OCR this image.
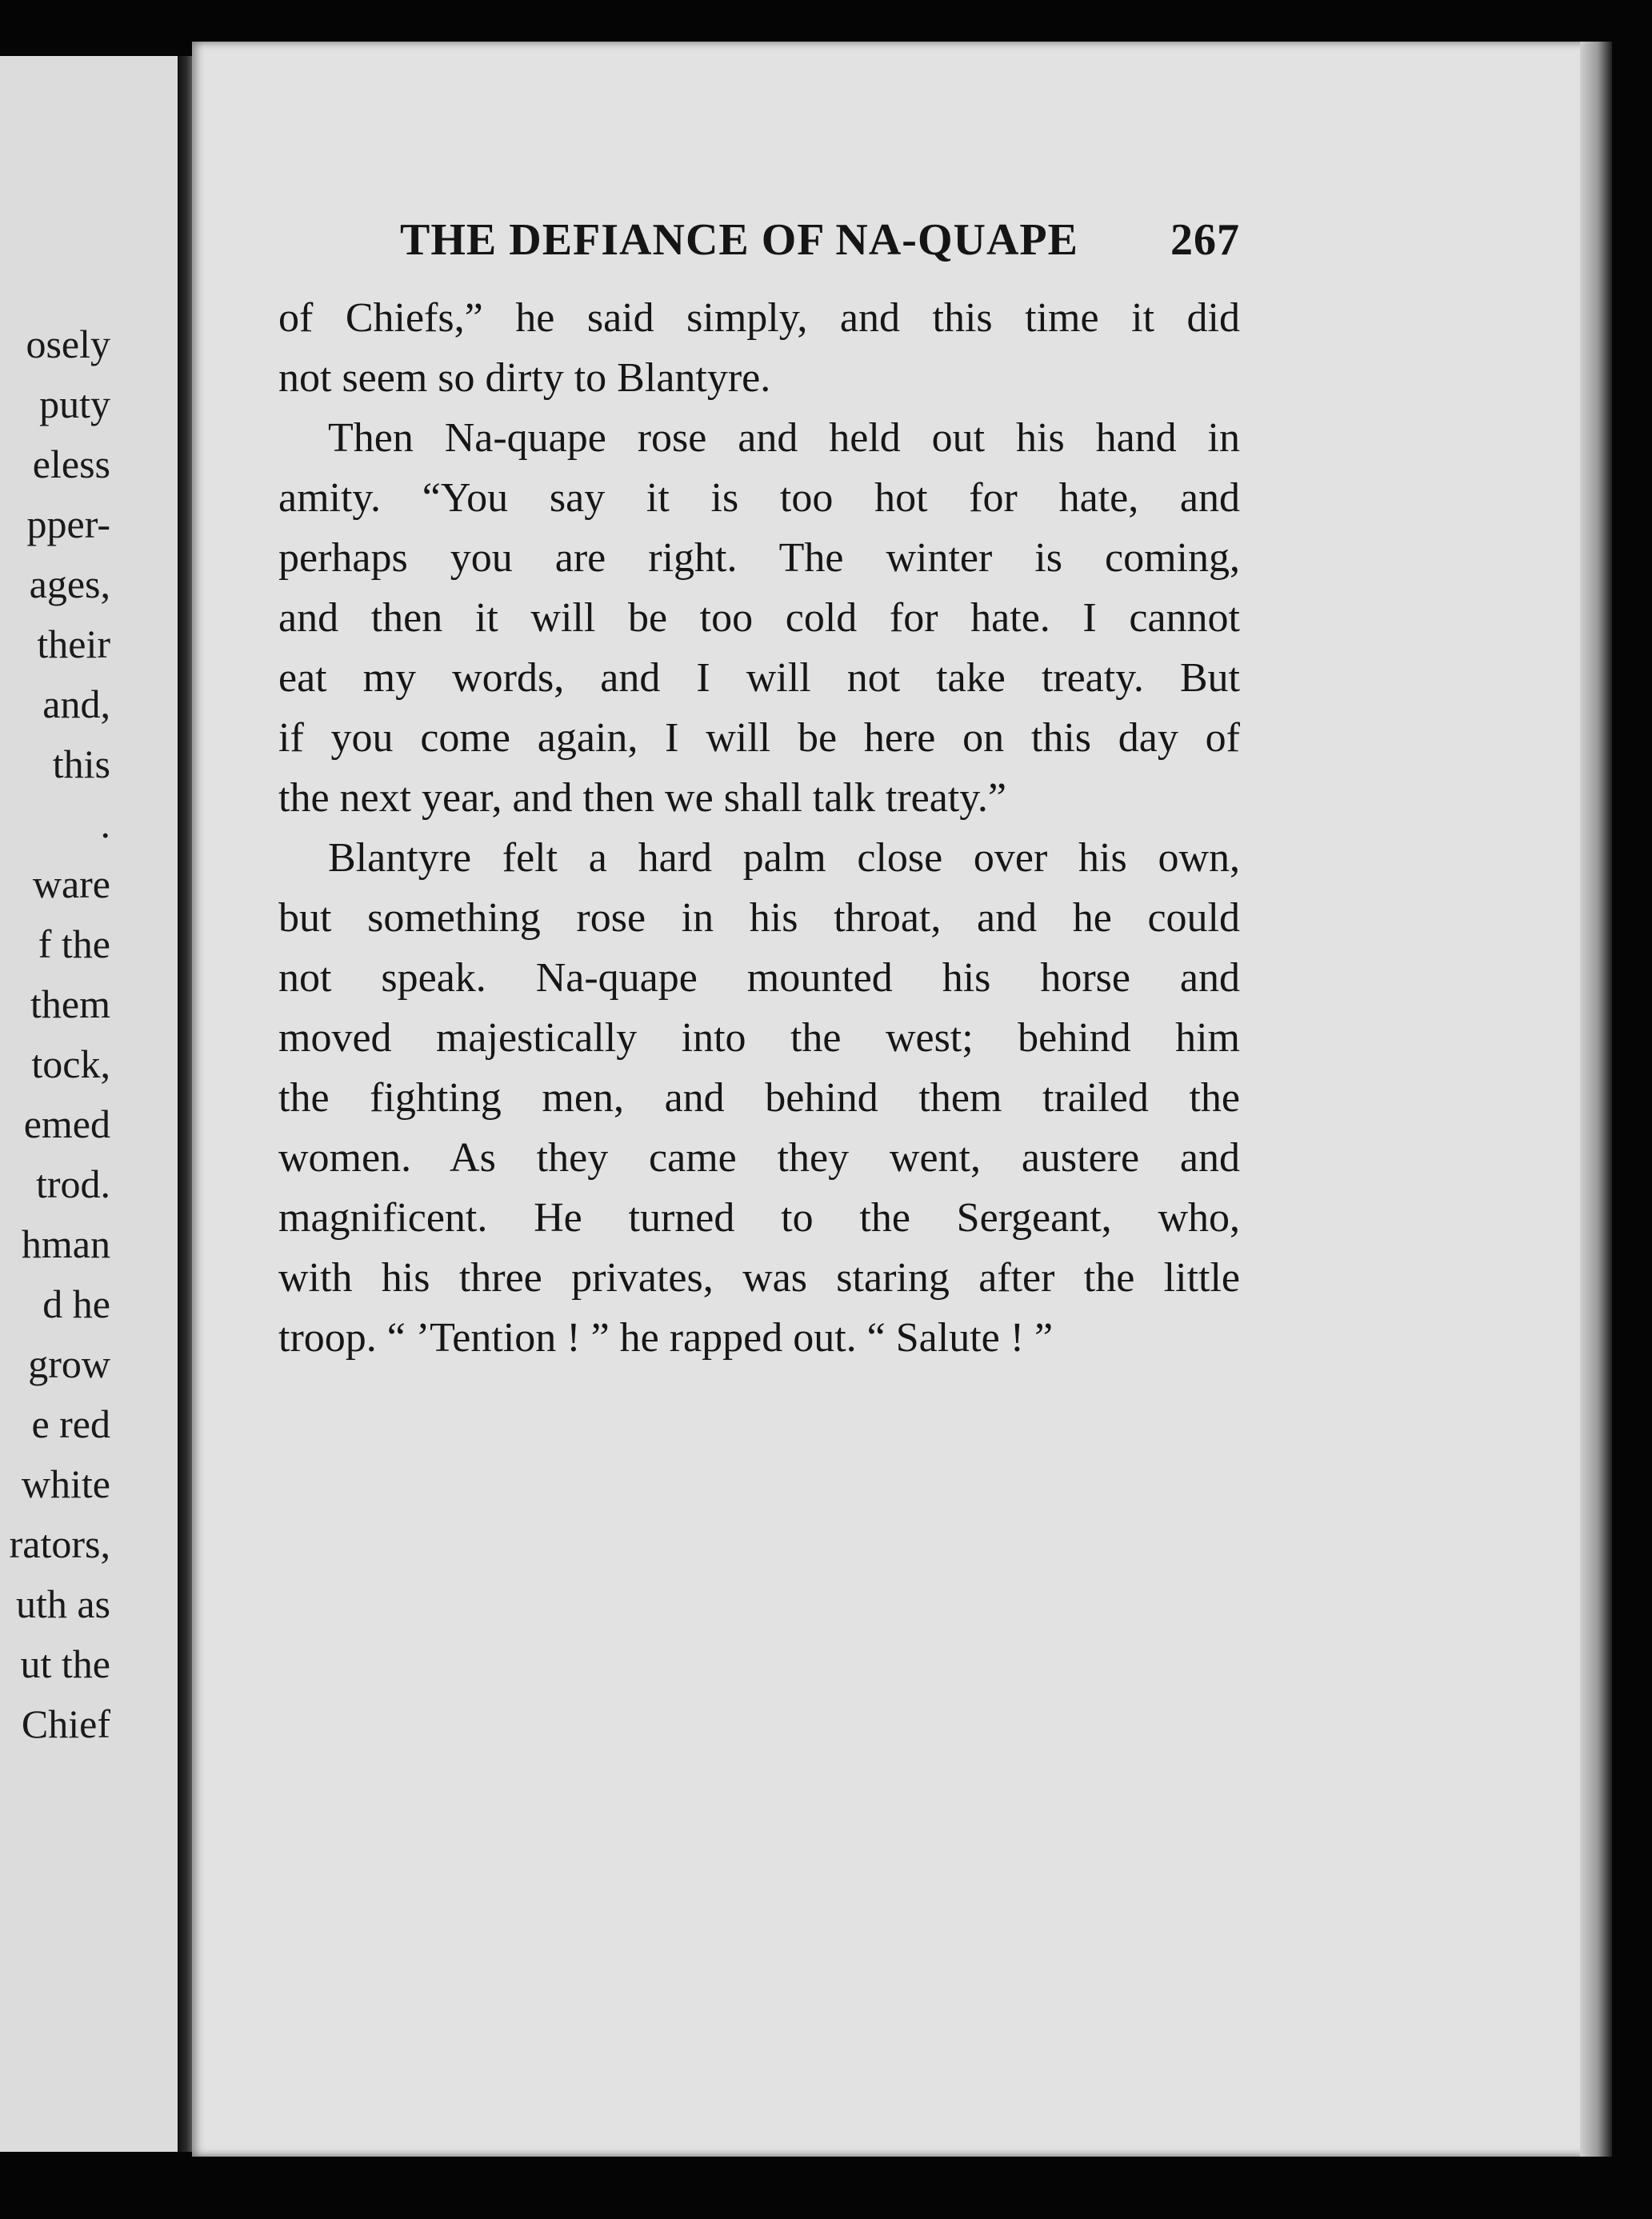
osely
puty
eless
pper-
ages,
their
and,
this
.
ware
f the
them
tock,
emed
trod.
hman
d he
grow
e red
white
rators,
uth as
ut the
Chief
THE DEFIANCE OF NA-QUAPE 267
of Chiefs,” he said simply, and this time it did
not seem so dirty to Blantyre.
Then Na-quape rose and held out his hand in
amity. “You say it is too hot for hate, and
perhaps you are right. The winter is coming,
and then it will be too cold for hate. I cannot
eat my words, and I will not take treaty. But
if you come again, I will be here on this day of
the next year, and then we shall talk treaty.”
Blantyre felt a hard palm close over his own,
but something rose in his throat, and he could
not speak. Na-quape mounted his horse and
moved majestically into the west; behind him
the fighting men, and behind them trailed the
women. As they came they went, austere and
magnificent. He turned to the Sergeant, who,
with his three privates, was staring after the little
troop. “ ’Tention ! ” he rapped out. “ Salute ! ”
